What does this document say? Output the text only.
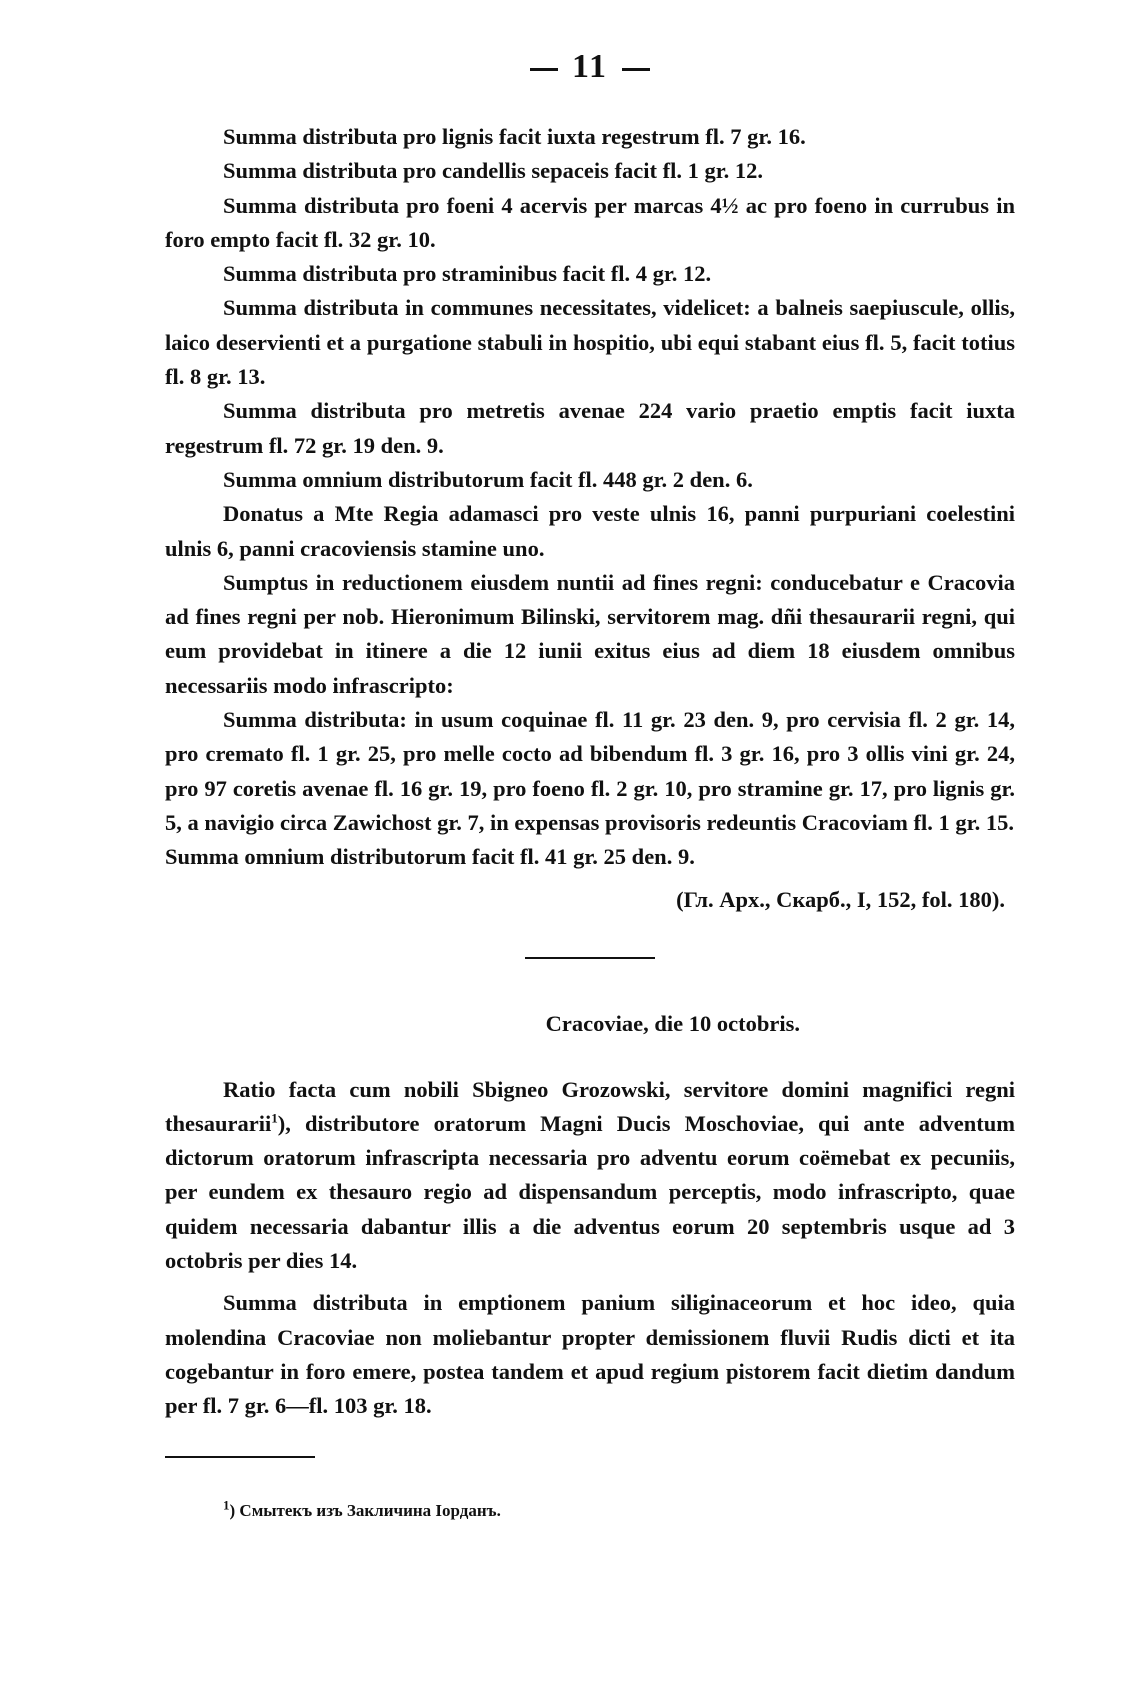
11

Summa distributa pro lignis facit iuxta regestrum fl. 7 gr. 16.

Summa distributa pro candellis sepaceis facit fl. 1 gr. 12.

Summa distributa pro foeni 4 acervis per marcas 4½ ac pro foeno in currubus in foro empto facit fl. 32 gr. 10.

Summa distributa pro straminibus facit fl. 4 gr. 12.

Summa distributa in communes necessitates, videlicet: a balneis saepiuscule, ollis, laico deservienti et a purgatione stabuli in hospitio, ubi equi stabant eius fl. 5, facit totius fl. 8 gr. 13.

Summa distributa pro metretis avenae 224 vario praetio emptis facit iuxta regestrum fl. 72 gr. 19 den. 9.

Summa omnium distributorum facit fl. 448 gr. 2 den. 6.

Donatus a Mte Regia adamasci pro veste ulnis 16, panni purpuriani coelestini ulnis 6, panni cracoviensis stamine uno.

Sumptus in reductionem eiusdem nuntii ad fines regni: conducebatur e Cracovia ad fines regni per nob. Hieronimum Bilinski, servitorem mag. dñi thesaurarii regni, qui eum providebat in itinere a die 12 iunii exitus eius ad diem 18 eiusdem omnibus necessariis modo infrascripto:

Summa distributa: in usum coquinae fl. 11 gr. 23 den. 9, pro cervisia fl. 2 gr. 14, pro cremato fl. 1 gr. 25, pro melle cocto ad bibendum fl. 3 gr. 16, pro 3 ollis vini gr. 24, pro 97 coretis avenae fl. 16 gr. 19, pro foeno fl. 2 gr. 10, pro stramine gr. 17, pro lignis gr. 5, a navigio circa Zawichost gr. 7, in expensas provisoris redeuntis Cracoviam fl. 1 gr. 15.

Summa omnium distributorum facit fl. 41 gr. 25 den. 9.

(Гл. Арх., Скарб., I, 152, fol. 180).
Cracoviae, die 10 octobris.

Ratio facta cum nobili Sbigneo Grozowski, servitore domini magnifici regni thesaurarii$^1$), distributore oratorum Magni Ducis Moschoviae, qui ante adventum dictorum oratorum infrascripta necessaria pro adventu eorum coëmebat ex pecuniis, per eundem ex thesauro regio ad dispensandum perceptis, modo infrascripto, quae quidem necessaria dabantur illis a die adventus eorum 20 septembris usque ad 3 octobris per dies 14.

Summa distributa in emptionem panium siliginaceorum et hoc ideo, quia molendina Cracoviae non moliebantur propter demissionem fluvii Rudis dicti et ita cogebantur in foro emere, postea tandem et apud regium pistorem facit dietim dandum per fl. 7 gr. 6—fl. 103 gr. 18.

$^1$) Смытекъ изъ Закличина Іорданъ.
